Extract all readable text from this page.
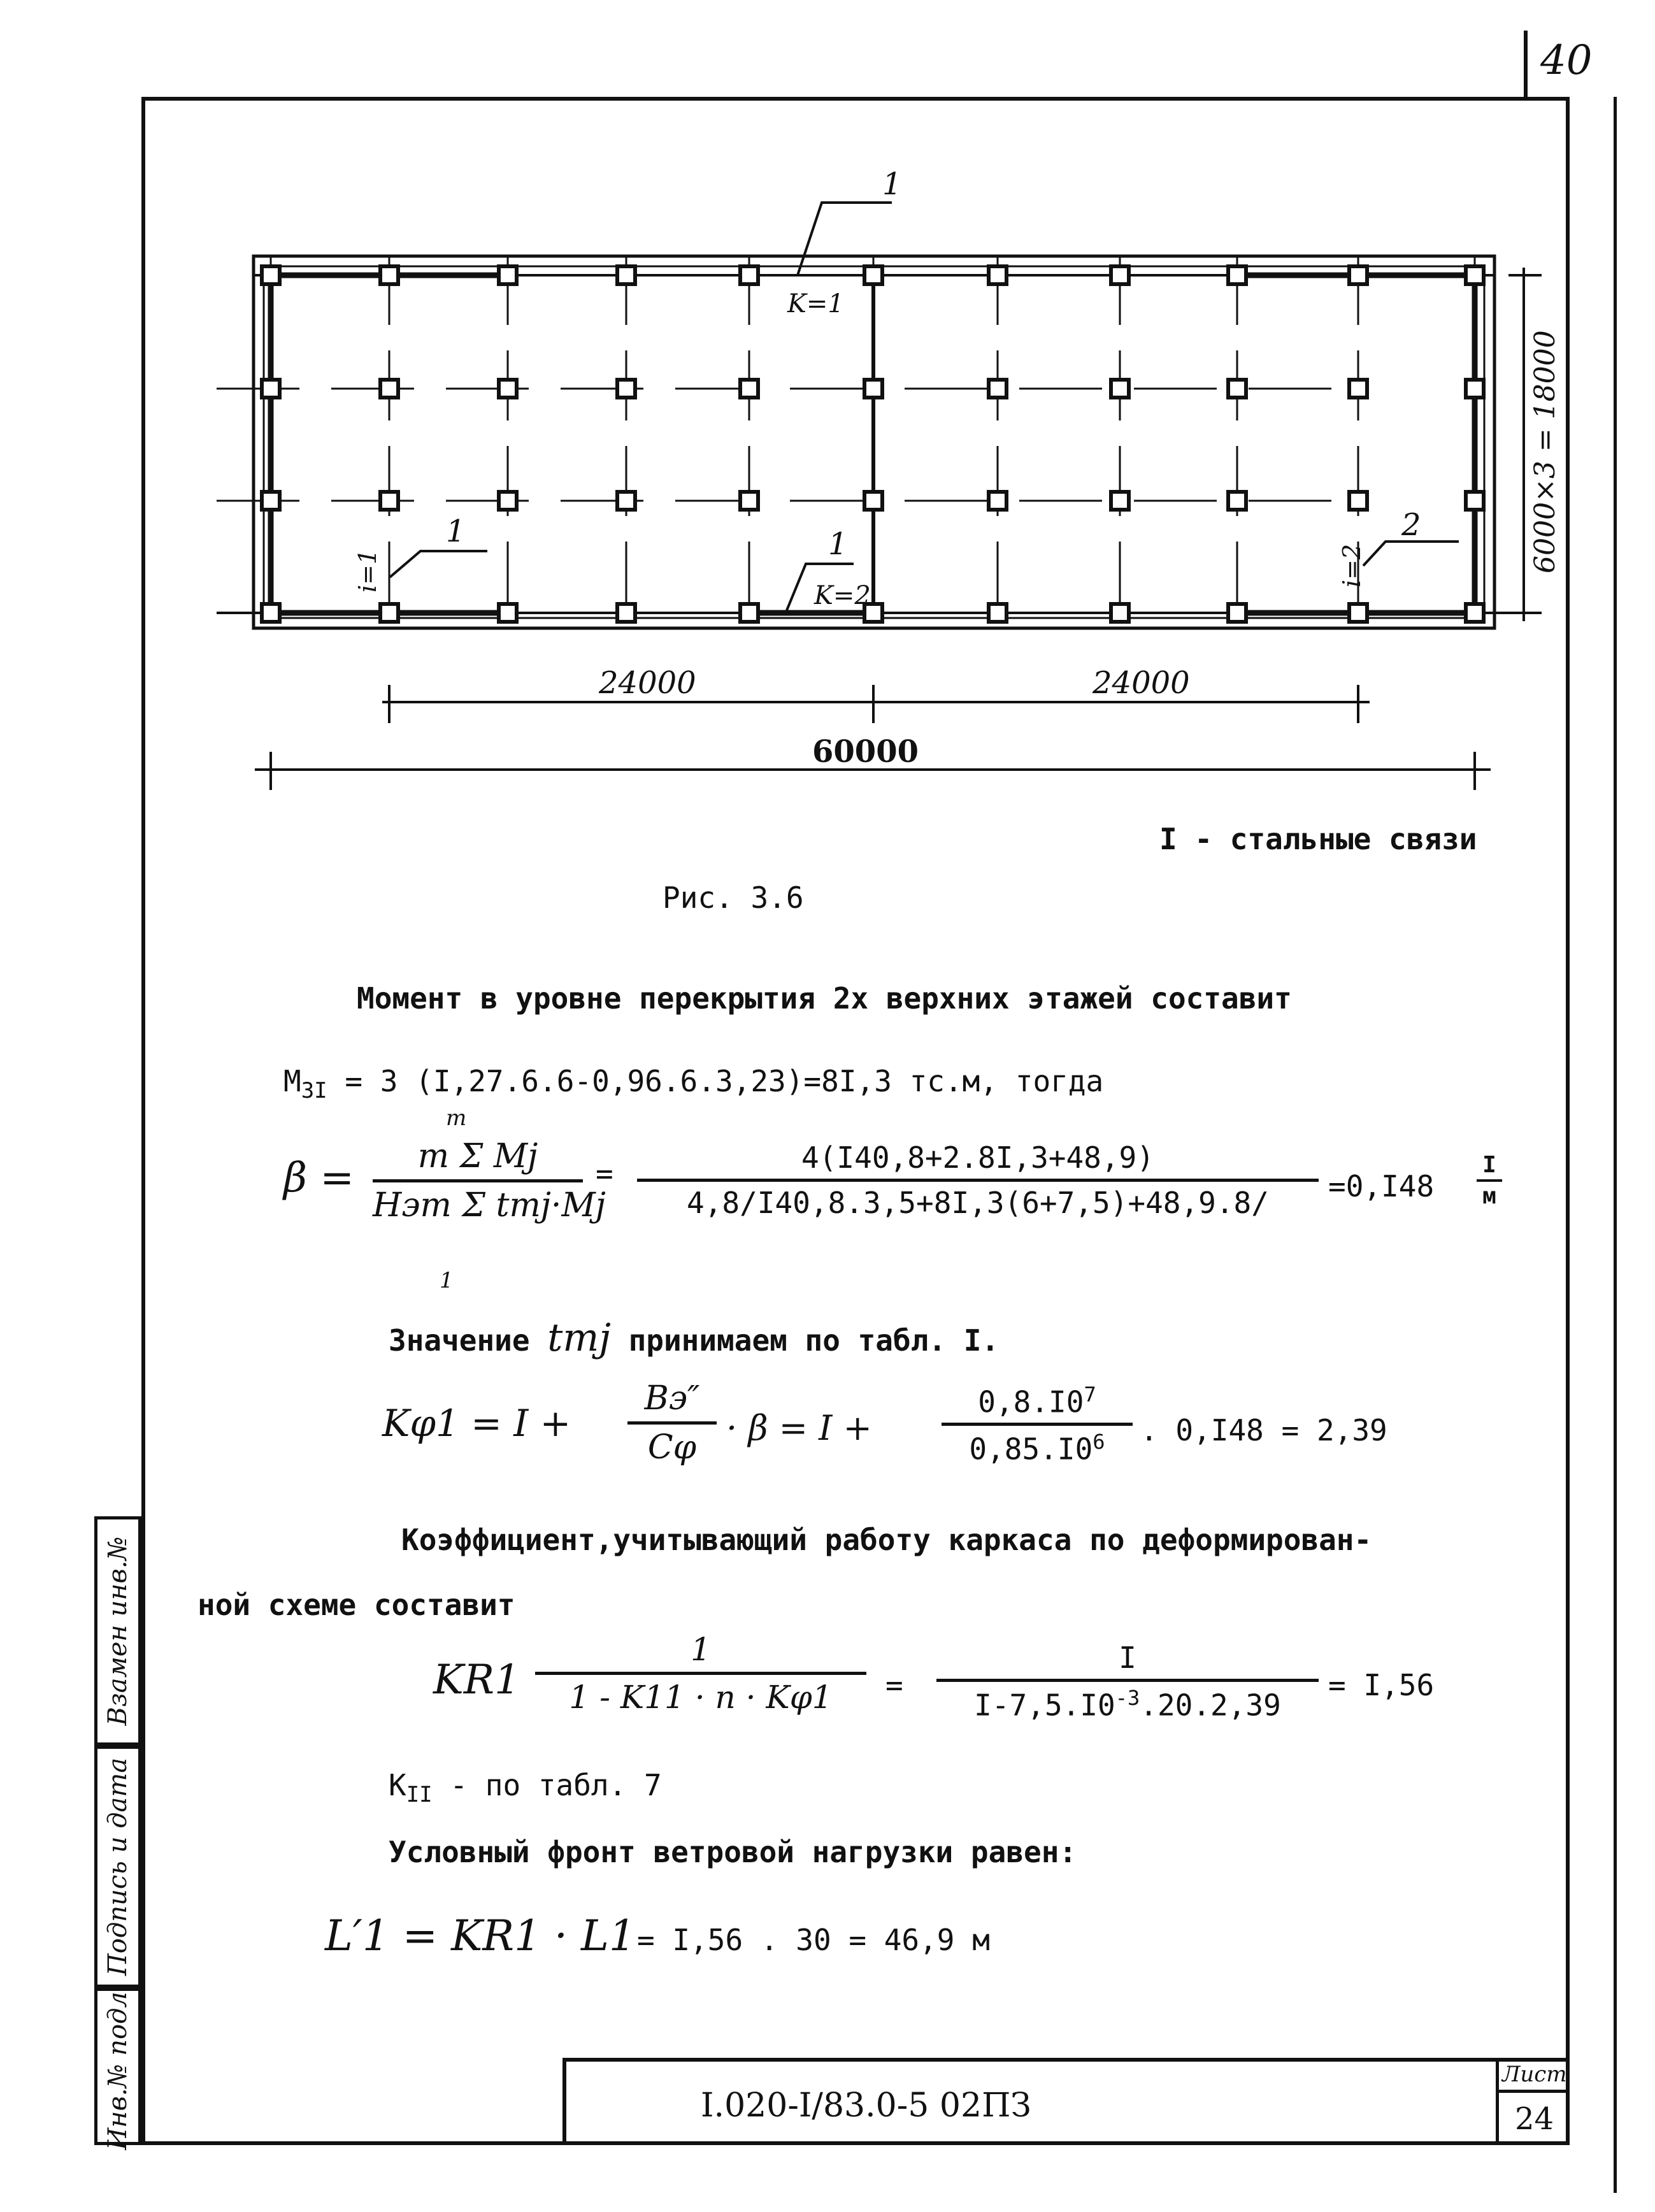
40
Взамен инв.№
Подпись и дата
Инв.№ подл.
24000	24000
60000
6000×3 = 18000
1
K=1
1
i=1
1
K=2
2
i=2
I - стальные связи
Рис. 3.6
Момент в уровне перекрытия 2х верхних этажей составит
$M_{3I} = 3$ (I,27.6.6-0,96.6.3,23)=8I,3 тс.м, тогда
β =	m Σ Mj
Hэт Σ tmj·Mj
m
1
=	4(I40,8+2.8I,3+48,9)
4,8/I40,8.3,5+8I,3(6+7,5)+48,9.8/	=0,I48
I
м
Значение tmj принимаем по табл. I.
Kφ1 = I +
Bэ″
Cφ · β = I +
$0,8.I0^7$
$0,85.I0^6$	. 0,I48 = 2,39
Коэффициент,учитывающий работу каркаса по деформирован-
ной схеме составит
KR1
1
1 - K11 · n · Kφ1	=
I
$I-7,5.I0^{-3}.20.2,39$
= I,56
$K_{II}$ - по табл. 7
Условный фронт ветровой нагрузки равен:
L′1 = KR1 · L1 = I,56 . 30 = 46,9 м
I.020-I/83.0-5 02ПЗ
Лист
24
